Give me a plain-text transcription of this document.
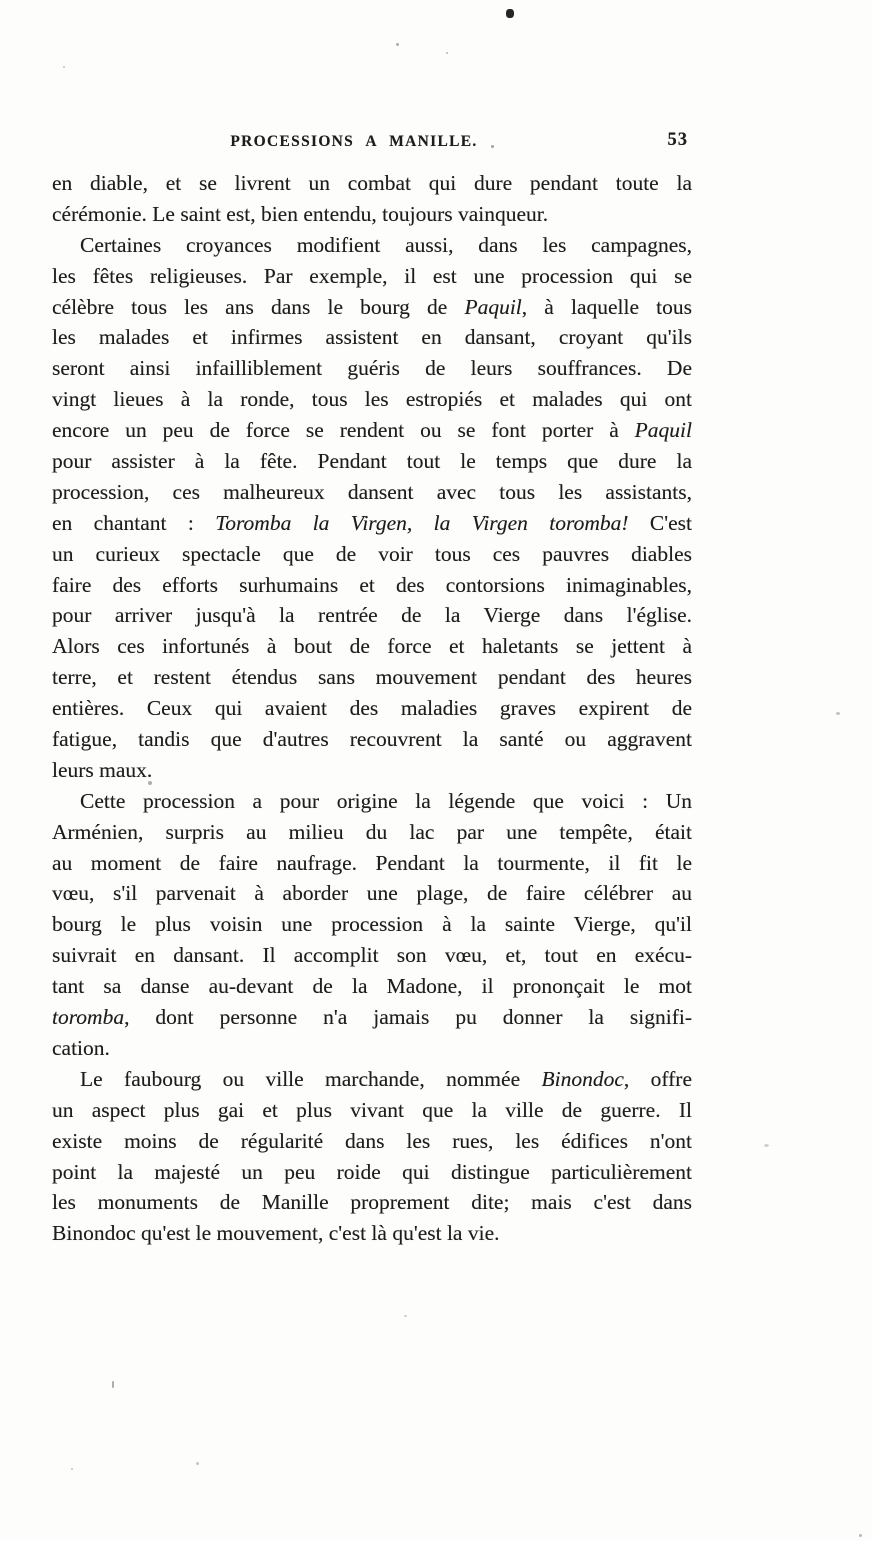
PROCESSIONS A MANILLE.	53
en diable, et se livrent un combat qui dure pendant toute la
cérémonie. Le saint est, bien entendu, toujours vainqueur.
Certaines croyances modifient aussi, dans les campagnes,
les fêtes religieuses. Par exemple, il est une procession qui se
célèbre tous les ans dans le bourg de Paquil, à laquelle tous
les malades et infirmes assistent en dansant, croyant qu'ils
seront ainsi infailliblement guéris de leurs souffrances. De
vingt lieues à la ronde, tous les estropiés et malades qui ont
encore un peu de force se rendent ou se font porter à Paquil
pour assister à la fête. Pendant tout le temps que dure la
procession, ces malheureux dansent avec tous les assistants,
en chantant : Toromba la Virgen, la Virgen toromba! C'est
un curieux spectacle que de voir tous ces pauvres diables
faire des efforts surhumains et des contorsions inimaginables,
pour arriver jusqu'à la rentrée de la Vierge dans l'église.
Alors ces infortunés à bout de force et haletants se jettent à
terre, et restent étendus sans mouvement pendant des heures
entières. Ceux qui avaient des maladies graves expirent de
fatigue, tandis que d'autres recouvrent la santé ou aggravent
leurs maux.
Cette procession a pour origine la légende que voici : Un
Arménien, surpris au milieu du lac par une tempête, était
au moment de faire naufrage. Pendant la tourmente, il fit le
vœu, s'il parvenait à aborder une plage, de faire célébrer au
bourg le plus voisin une procession à la sainte Vierge, qu'il
suivrait en dansant. Il accomplit son vœu, et, tout en exécu-
tant sa danse au-devant de la Madone, il prononçait le mot
toromba, dont personne n'a jamais pu donner la signifi-
cation.
Le faubourg ou ville marchande, nommée Binondoc, offre
un aspect plus gai et plus vivant que la ville de guerre. Il
existe moins de régularité dans les rues, les édifices n'ont
point la majesté un peu roide qui distingue particulièrement
les monuments de Manille proprement dite; mais c'est dans
Binondoc qu'est le mouvement, c'est là qu'est la vie.
